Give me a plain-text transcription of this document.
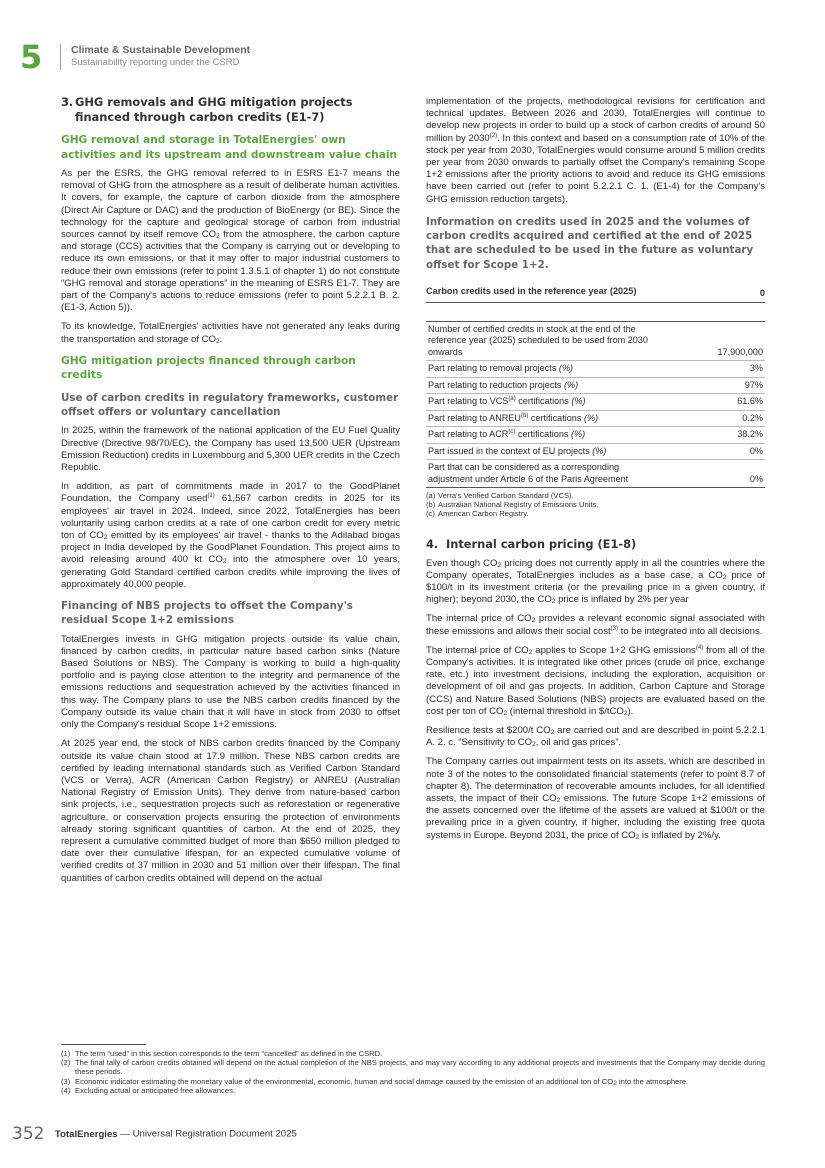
5	Climate & Sustainable Development
Sustainability reporting under the CSRD
3. GHG removals and GHG mitigation projects financed through carbon credits (E1-7)
GHG removal and storage in TotalEnergies' own activities and its upstream and downstream value chain

As per the ESRS, the GHG removal referred to in ESRS E1-7 means the removal of GHG from the atmosphere as a result of deliberate human activities. It covers, for example, the capture of carbon dioxide from the atmosphere (Direct Air Capture or DAC) and the production of BioEnergy (or BE). Since the technology for the capture and geological storage of carbon from industrial sources cannot by itself remove $CO_2$ from the atmosphere, the carbon capture and storage (CCS) activities that the Company is carrying out or developing to reduce its own emissions, or that it may offer to major industrial customers to reduce their own emissions (refer to point 1.3.5.1 of chapter 1) do not constitute “GHG removal and storage operations” in the meaning of ESRS E1-7. They are part of the Company's actions to reduce emissions (refer to point 5.2.2.1 B. 2. (E1-3, Action 5)).

To its knowledge, TotalEnergies' activities have not generated any leaks during the transportation and storage of $CO_2$.

GHG mitigation projects financed through carbon credits
Use of carbon credits in regulatory frameworks, customer offset offers or voluntary cancellation

In 2025, within the framework of the national application of the EU Fuel Quality Directive (Directive 98/70/EC), the Company has used 13,500 UER (Upstream Emission Reduction) credits in Luxembourg and 5,300 UER credits in the Czech Republic.

In addition, as part of commitments made in 2017 to the GoodPlanet Foundation, the Company used$^{(1)}$ 61,567 carbon credits in 2025 for its employees' air travel in 2024. Indeed, since 2022, TotalEnergies has been voluntarily using carbon credits at a rate of one carbon credit for every metric ton of $CO_2$ emitted by its employees' air travel - thanks to the Adilabad biogas project in India developed by the GoodPlanet Foundation. This project aims to avoid releasing around 400 kt $CO_2$ into the atmosphere over 10 years, generating Gold Standard certified carbon credits while improving the lives of approximately 40,000 people.

Financing of NBS projects to offset the Company's residual Scope 1+2 emissions

TotalEnergies invests in GHG mitigation projects outside its value chain, financed by carbon credits, in particular nature based carbon sinks (Nature Based Solutions or NBS). The Company is working to build a high-quality portfolio and is paying close attention to the integrity and permanence of the emissions reductions and sequestration achieved by the activities financed in this way. The Company plans to use the NBS carbon credits financed by the Company outside its value chain that it will have in stock from 2030 to offset only the Company's residual Scope 1+2 emissions.

At 2025 year end, the stock of NBS carbon credits financed by the Company outside its value chain stood at 17.9 million. These NBS carbon credits are certified by leading international standards such as Verified Carbon Standard (VCS or Verra), ACR (American Carbon Registry) or ANREU (Australian National Registry of Emission Units). They derive from nature-based carbon sink projects, i.e., sequestration projects such as reforestation or regenerative agriculture, or conservation projects ensuring the protection of environments already storing significant quantities of carbon. At the end of 2025, they represent a cumulative committed budget of more than $650 million pledged to date over their cumulative lifespan, for an expected cumulative volume of verified credits of 37 million in 2030 and 51 million over their lifespan. The final quantities of carbon credits obtained will depend on the actual

implementation of the projects, methodological revisions for certification and technical updates. Between 2026 and 2030, TotalEnergies will continue to develop new projects in order to build up a stock of carbon credits of around 50 million by 2030$^{(2)}$. In this context and based on a consumption rate of 10% of the stock per year from 2030, TotalEnergies would consume around 5 million credits per year from 2030 onwards to partially offset the Company's remaining Scope 1+2 emissions after the priority actions to avoid and reduce its GHG emissions have been carried out (refer to point 5.2.2.1 C. 1. (E1-4) for the Company's GHG emission reduction targets).

Information on credits used in 2025 and the volumes of carbon credits acquired and certified at the end of 2025 that are scheduled to be used in the future as voluntary offset for Scope 1+2.
Carbon credits used in the reference year (2025)	0
Number of certified credits in stock at the end of the reference year (2025) scheduled to be used from 2030 onwards	17,900,000
Part relating to removal projects (%)	3%
Part relating to reduction projects (%)	97%
Part relating to VCS$^{(a)}$ certifications (%)	61.6%
Part relating to ANREU$^{(b)}$ certifications (%)	0.2%
Part relating to ACR$^{(c)}$ certifications (%)	38.2%
Part issued in the context of EU projects (%)	0%
Part that can be considered as a corresponding adjustment under Article 6 of the Paris Agreement	0%
(a) Verra's Verified Carbon Standard (VCS).
(b) Australian National Registry of Emissions Units.
(c) American Carbon Registry.
4. Internal carbon pricing (E1-8)

Even though $CO_2$ pricing does not currently apply in all the countries where the Company operates, TotalEnergies includes as a base case, a $CO_2$ price of $100/t in its investment criteria (or the prevailing price in a given country, if higher); beyond 2030, the $CO_2$ price is inflated by 2% per year

The internal price of $CO_2$ provides a relevant economic signal associated with these emissions and allows their social cost$^{(3)}$ to be integrated into all decisions.

The internal price of $CO_2$ applies to Scope 1+2 GHG emissions$^{(4)}$ from all of the Company's activities. It is integrated like other prices (crude oil price, exchange rate, etc.) into investment decisions, including the exploration, acquisition or development of oil and gas projects. In addition, Carbon Capture and Storage (CCS) and Nature Based Solutions (NBS) projects are evaluated based on the cost per ton of $CO_2$ (internal threshold in $/tCO$_2$).

Resilience tests at $200/t $CO_2$ are carried out and are described in point 5.2.2.1 A. 2. c. “Sensitivity to $CO_2$, oil and gas prices”.

The Company carries out impairment tests on its assets, which are described in note 3 of the notes to the consolidated financial statements (refer to point 8.7 of chapter 8). The determination of recoverable amounts includes, for all identified assets, the impact of their $CO_2$ emissions. The future Scope 1+2 emissions of the assets concerned over the lifetime of the assets are valued at $100/t or the prevailing price in a given country, if higher, including the existing free quota systems in Europe. Beyond 2031, the price of $CO_2$ is inflated by 2%/y.

(1) The term “used” in this section corresponds to the term “cancelled” as defined in the CSRD.
(2) The final tally of carbon credits obtained will depend on the actual completion of the NBS projects, and may vary according to any additional projects and investments that the Company may decide during these periods.
(3) Economic indicator estimating the monetary value of the environmental, economic, human and social damage caused by the emission of an additional ton of $CO_2$ into the atmosphere.
(4) Excluding actual or anticipated free allowances.
352 TotalEnergies — Universal Registration Document 2025
